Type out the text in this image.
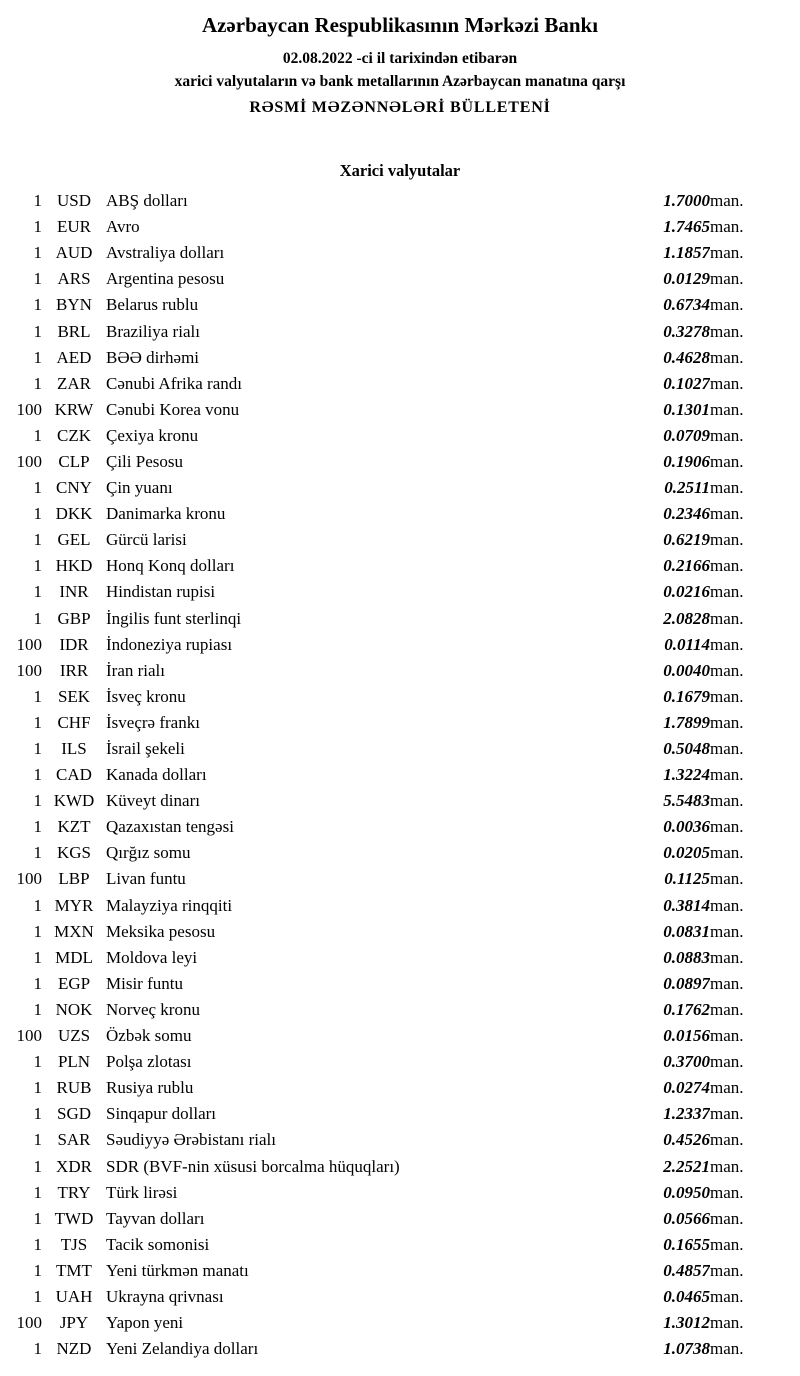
Azərbaycan Respublikasının Mərkəzi Bankı
02.08.2022 -ci il tarixindən etibarən
xarici valyutaların və bank metallarının Azərbaycan manatına qarşı
RƏSMİ MƏZƏNNƏLƏRİ BÜLLETENİ
Xarici valyutalar
1	USD	ABŞ dolları	1.7000	man.
1	EUR	Avro	1.7465	man.
1	AUD	Avstraliya dolları	1.1857	man.
1	ARS	Argentina pesosu	0.0129	man.
1	BYN	Belarus rublu	0.6734	man.
1	BRL	Braziliya rialı	0.3278	man.
1	AED	BƏƏ dirhəmi	0.4628	man.
1	ZAR	Cənubi Afrika randı	0.1027	man.
100	KRW	Cənubi Korea vonu	0.1301	man.
1	CZK	Çexiya kronu	0.0709	man.
100	CLP	Çili Pesosu	0.1906	man.
1	CNY	Çin yuanı	0.2511	man.
1	DKK	Danimarka kronu	0.2346	man.
1	GEL	Gürcü larisi	0.6219	man.
1	HKD	Honq Konq dolları	0.2166	man.
1	INR	Hindistan rupisi	0.0216	man.
1	GBP	İngilis funt sterlinqi	2.0828	man.
100	IDR	İndoneziya rupiası	0.0114	man.
100	IRR	İran rialı	0.0040	man.
1	SEK	İsveç kronu	0.1679	man.
1	CHF	İsveçrə frankı	1.7899	man.
1	ILS	İsrail şekeli	0.5048	man.
1	CAD	Kanada dolları	1.3224	man.
1	KWD	Küveyt dinarı	5.5483	man.
1	KZT	Qazaxıstan tengəsi	0.0036	man.
1	KGS	Qırğız somu	0.0205	man.
100	LBP	Livan funtu	0.1125	man.
1	MYR	Malayziya rinqqiti	0.3814	man.
1	MXN	Meksika pesosu	0.0831	man.
1	MDL	Moldova leyi	0.0883	man.
1	EGP	Misir funtu	0.0897	man.
1	NOK	Norveç kronu	0.1762	man.
100	UZS	Özbək somu	0.0156	man.
1	PLN	Polşa zlotası	0.3700	man.
1	RUB	Rusiya rublu	0.0274	man.
1	SGD	Sinqapur dolları	1.2337	man.
1	SAR	Səudiyyə Ərəbistanı rialı	0.4526	man.
1	XDR	SDR (BVF-nin xüsusi borcalma hüquqları)	2.2521	man.
1	TRY	Türk lirəsi	0.0950	man.
1	TWD	Tayvan dolları	0.0566	man.
1	TJS	Tacik somonisi	0.1655	man.
1	TMT	Yeni türkmən manatı	0.4857	man.
1	UAH	Ukrayna qrivnası	0.0465	man.
100	JPY	Yapon yeni	1.3012	man.
1	NZD	Yeni Zelandiya dolları	1.0738	man.
